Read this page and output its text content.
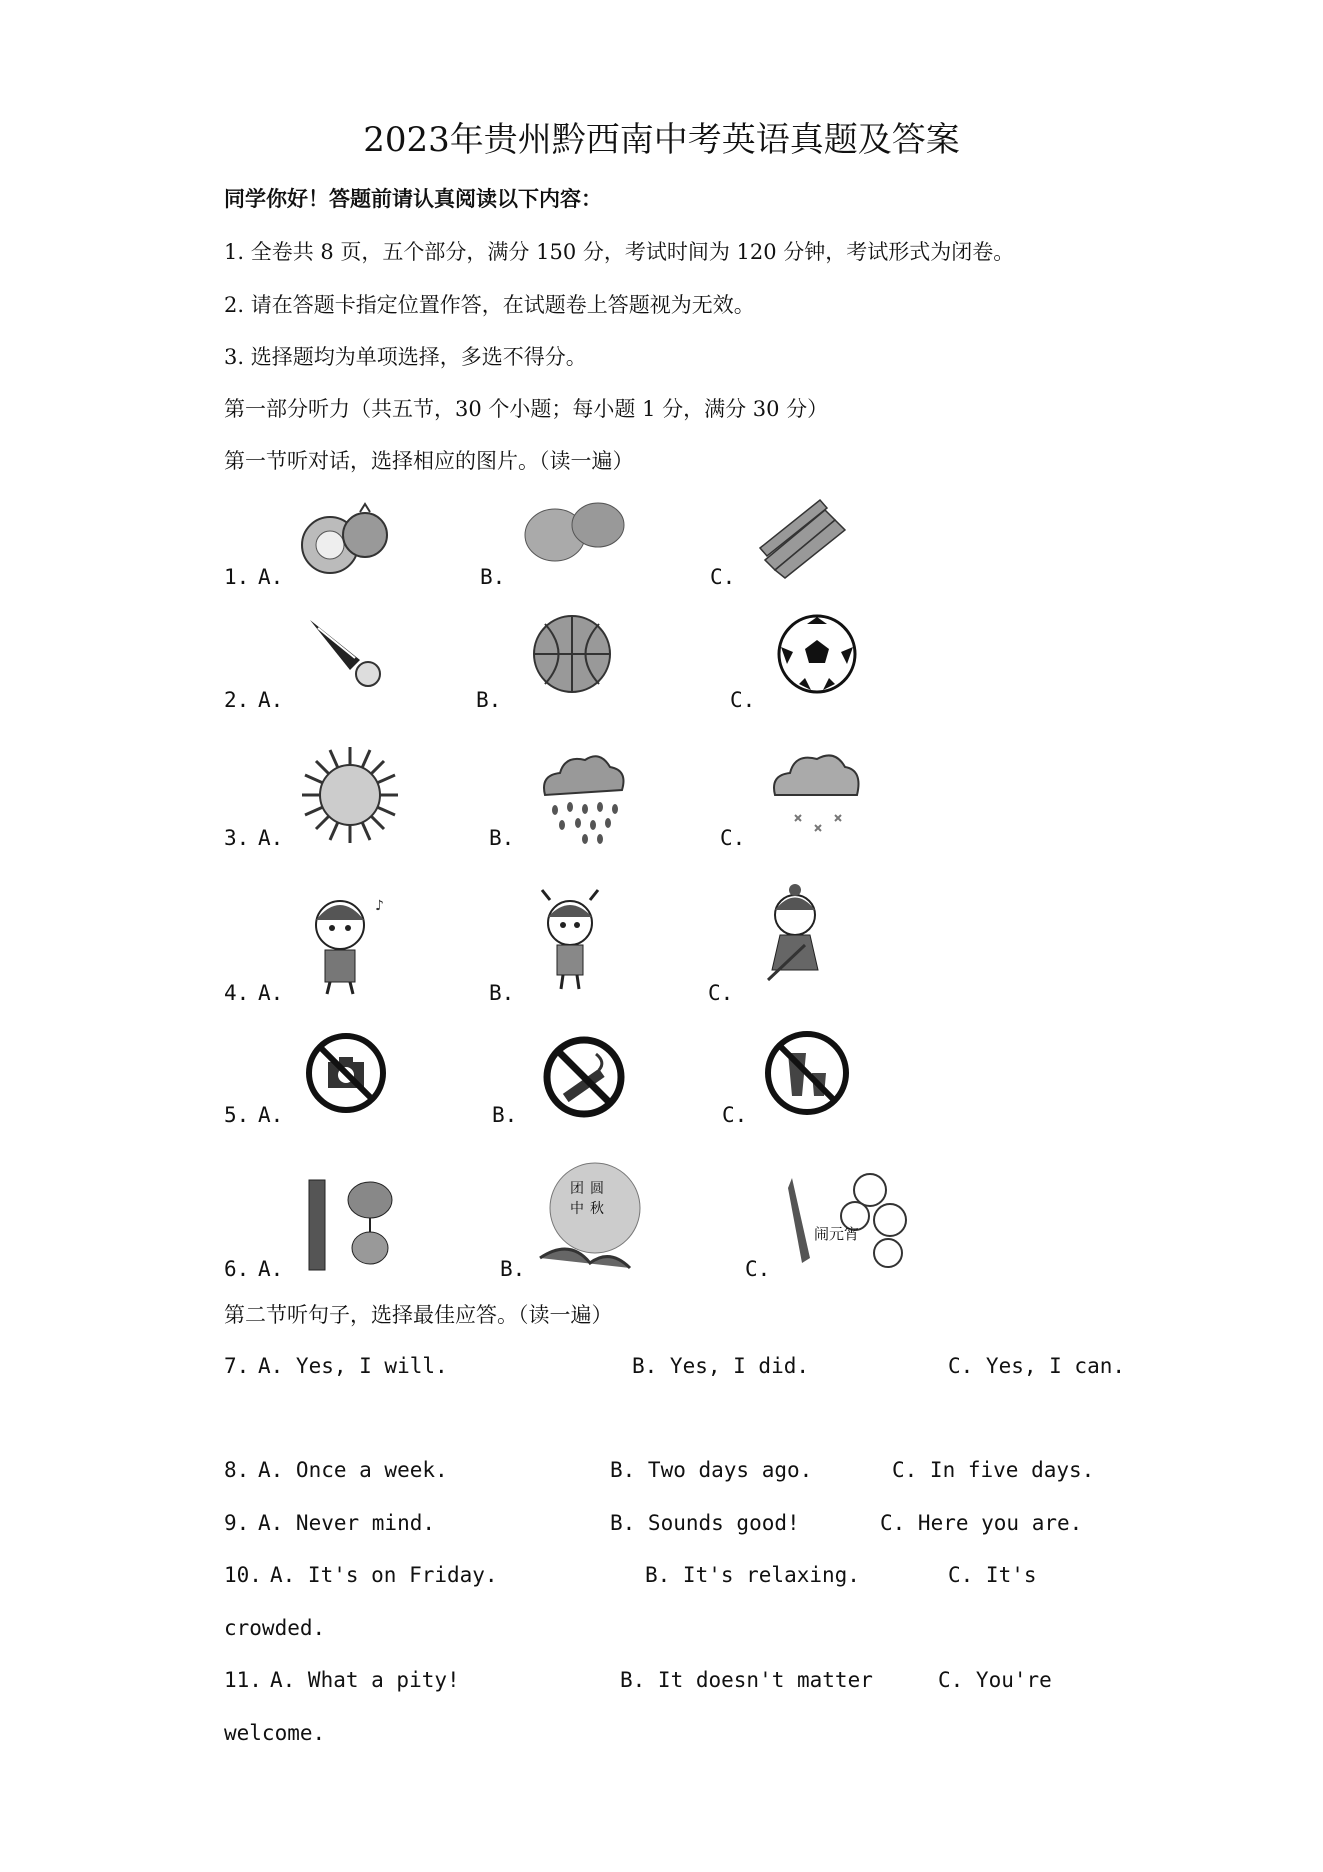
2023年贵州黔西南中考英语真题及答案
同学你好！答题前请认真阅读以下内容：
1. 全卷共 8 页，五个部分，满分 150 分，考试时间为 120 分钟，考试形式为闭卷。
2. 请在答题卡指定位置作答，在试题卷上答题视为无效。
3. 选择题均为单项选择，多选不得分。
第一部分听力（共五节，30 个小题；每小题 1 分，满分 30 分）
第一节听对话，选择相应的图片。（读一遍）
1. A.	B.	C.
2. A.	B.	C.
3. A.	B.	C.
4. A.	B.	C.
♪
5. A.	B.	C.
6. A.	B.	C.
团圆 中秋
闹元宵
第二节听句子，选择最佳应答。（读一遍）
7. A. Yes, I will.	B. Yes, I did.	C. Yes, I can.
8. A. Once a week.	B. Two days ago.	C. In five days.
9. A. Never mind.	B. Sounds good!	C. Here you are.
10. A. It's on Friday.	B. It's relaxing.	C. It's
crowded.
11. A. What a pity!	B. It doesn't matter	C. You're
welcome.
